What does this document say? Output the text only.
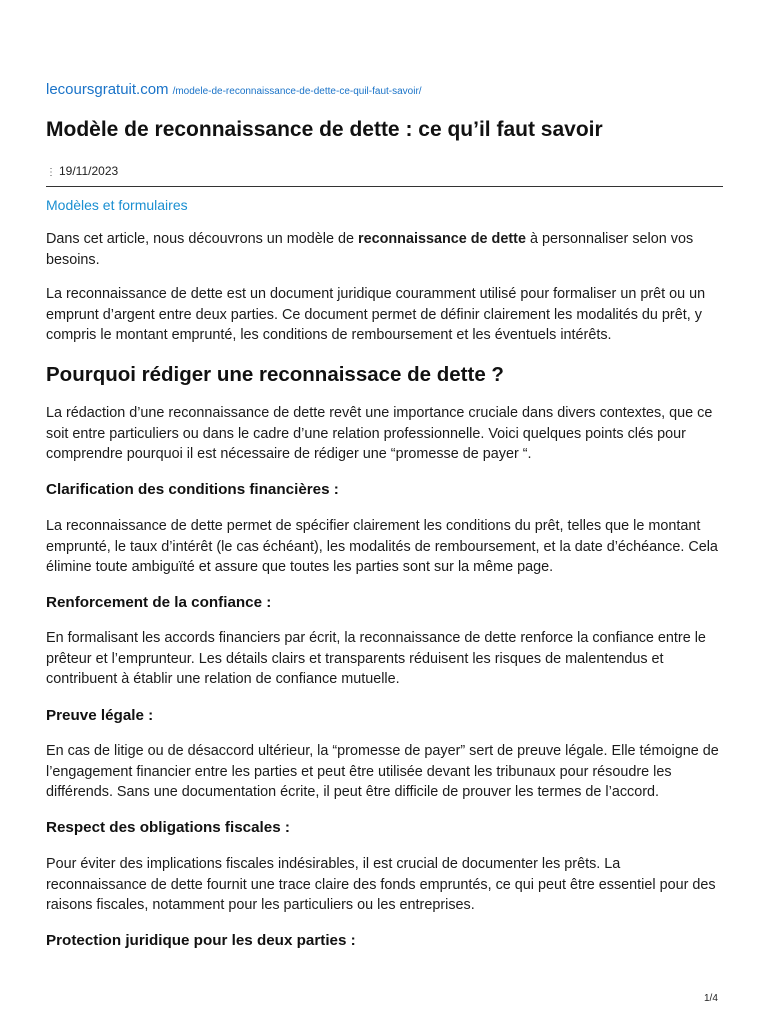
lecoursgratuit.com /modele-de-reconnaissance-de-dette-ce-quil-faut-savoir/
Modèle de reconnaissance de dette : ce qu’il faut savoir
⋮ 19/11/2023
Modèles et formulaires

Dans cet article, nous découvrons un modèle de reconnaissance de dette à personnaliser selon vos besoins.

La reconnaissance de dette est un document juridique couramment utilisé pour formaliser un prêt ou un emprunt d’argent entre deux parties. Ce document permet de définir clairement les modalités du prêt, y compris le montant emprunté, les conditions de remboursement et les éventuels intérêts.

Pourquoi rédiger une reconnaissace de dette ?

La rédaction d’une reconnaissance de dette revêt une importance cruciale dans divers contextes, que ce soit entre particuliers ou dans le cadre d’une relation professionnelle. Voici quelques points clés pour comprendre pourquoi il est nécessaire de rédiger une “promesse de payer “.

Clarification des conditions financières :

La reconnaissance de dette permet de spécifier clairement les conditions du prêt, telles que le montant emprunté, le taux d’intérêt (le cas échéant), les modalités de remboursement, et la date d’échéance. Cela élimine toute ambiguïté et assure que toutes les parties sont sur la même page.

Renforcement de la confiance :

En formalisant les accords financiers par écrit, la reconnaissance de dette renforce la confiance entre le prêteur et l’emprunteur. Les détails clairs et transparents réduisent les risques de malentendus et contribuent à établir une relation de confiance mutuelle.

Preuve légale :

En cas de litige ou de désaccord ultérieur, la “promesse de payer” sert de preuve légale. Elle témoigne de l’engagement financier entre les parties et peut être utilisée devant les tribunaux pour résoudre les différends. Sans une documentation écrite, il peut être difficile de prouver les termes de l’accord.

Respect des obligations fiscales :

Pour éviter des implications fiscales indésirables, il est crucial de documenter les prêts. La reconnaissance de dette fournit une trace claire des fonds empruntés, ce qui peut être essentiel pour des raisons fiscales, notamment pour les particuliers ou les entreprises.

Protection juridique pour les deux parties :
1/4
